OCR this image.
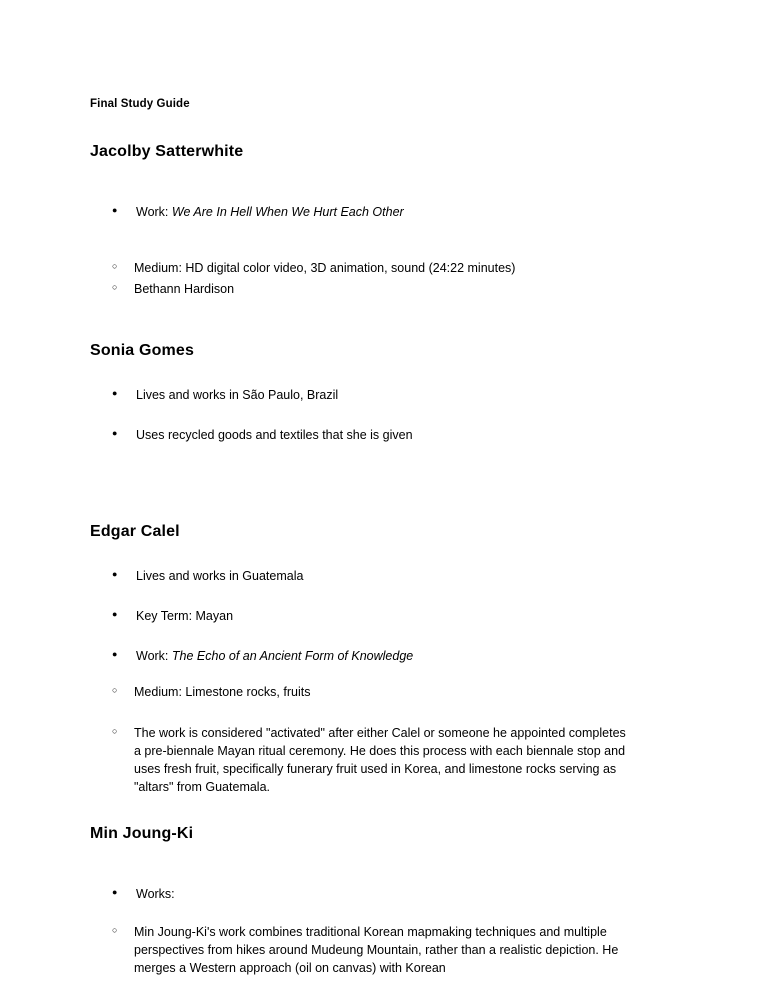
Final Study Guide
Jacolby Satterwhite
● Work: We Are In Hell When We Hurt Each Other
○ Medium: HD digital color video, 3D animation, sound (24:22 minutes)
○ Bethann Hardison
Sonia Gomes
● Lives and works in São Paulo, Brazil
● Uses recycled goods and textiles that she is given
Edgar Calel
● Lives and works in Guatemala
● Key Term: Mayan
● Work: The Echo of an Ancient Form of Knowledge
○ Medium: Limestone rocks, fruits
○ The work is considered "activated" after either Calel or someone he appointed completes a pre-biennale Mayan ritual ceremony. He does this process with each biennale stop and uses fresh fruit, specifically funerary fruit used in Korea, and limestone rocks serving as "altars" from Guatemala.
Min Joung-Ki
● Works:
○ Min Joung-Ki's work combines traditional Korean mapmaking techniques and multiple perspectives from hikes around Mudeung Mountain, rather than a realistic depiction. He merges a Western approach (oil on canvas) with Korean
